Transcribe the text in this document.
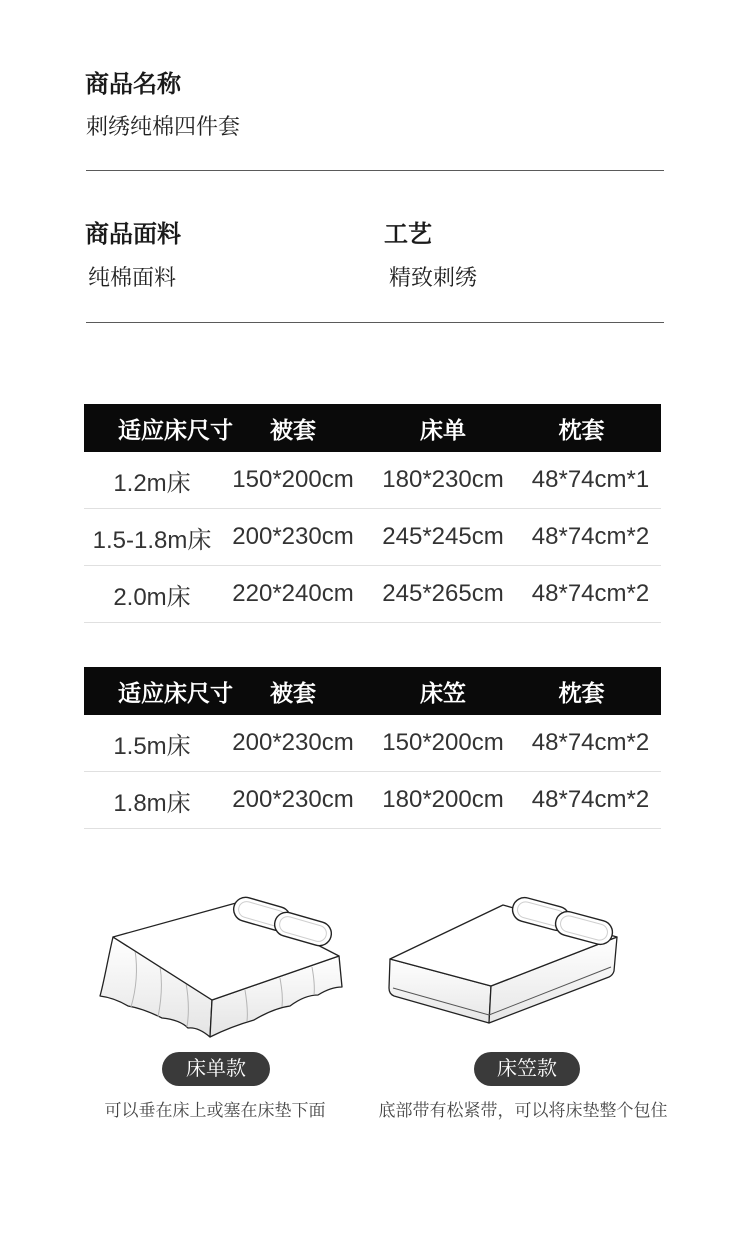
商品名称
刺绣纯棉四件套
商品面料	工艺
纯棉面料	精致刺绣
适应床尺寸	被套	床单	枕套
1.2m床	150*200cm	180*230cm	48*74cm*1
1.5-1.8m床 200*230cm	245*245cm	48*74cm*2
2.0m床	220*240cm	245*265cm	48*74cm*2
适应床尺寸	被套	床笠	枕套
1.5m床	200*230cm	150*200cm	48*74cm*2
1.8m床	200*230cm	180*200cm	48*74cm*2
床单款	床笠款
可以垂在床上或塞在床垫下面	底部带有松紧带，可以将床垫整个包住
